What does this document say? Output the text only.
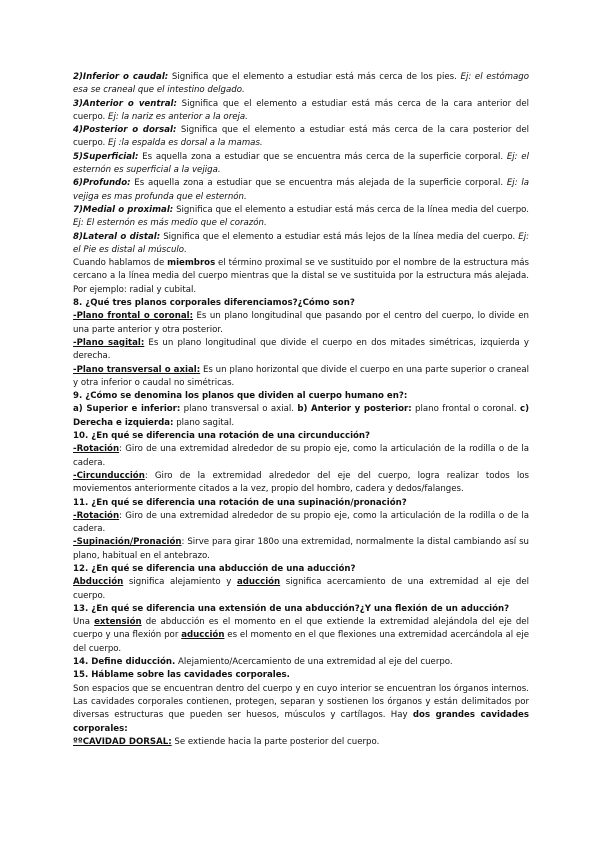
2)Inferior o caudal: Significa que el elemento a estudiar está más cerca de los pies. Ej: el estómago esa se craneal que el intestino delgado.

3)Anterior o ventral: Significa que el elemento a estudiar está más cerca de la cara anterior del cuerpo. Ej: la nariz es anterior a la oreja.

4)Posterior o dorsal: Significa que el elemento a estudiar está más cerca de la cara posterior del cuerpo. Ej :la espalda es dorsal a la mamas.

5)Superficial: Es aquella zona a estudiar que se encuentra más cerca de la superficie corporal. Ej: el esternón es superficial a la vejiga.

6)Profundo: Es aquella zona a estudiar que se encuentra más alejada de la superficie corporal. Ej: la vejiga es mas profunda que el esternón.

7)Medial o proximal: Significa que el elemento a estudiar está más cerca de la línea media del cuerpo. Ej: El esternón es más medio que el corazón.

8)Lateral o distal: Significa que el elemento a estudiar está más lejos de la línea media del cuerpo. Ej: el Pie es distal al músculo.

Cuando hablamos de miembros el término proximal se ve sustituido por el nombre de la estructura más cercano a la línea media del cuerpo mientras que la distal se ve sustituida por la estructura más alejada. Por ejemplo: radial y cubital.

8. ¿Qué tres planos corporales diferenciamos?¿Cómo son?

-Plano frontal o coronal: Es un plano longitudinal que pasando por el centro del cuerpo, lo divide en una parte anterior y otra posterior.

-Plano sagital: Es un plano longitudinal que divide el cuerpo en dos mitades simétricas, izquierda y derecha.

-Plano transversal o axial: Es un plano horizontal que divide el cuerpo en una parte superior o craneal y otra inferior o caudal no simétricas.

9. ¿Cómo se denomina los planos que dividen al cuerpo humano en?:

a) Superior e inferior: plano transversal o axial. b) Anterior y posterior: plano frontal o coronal. c) Derecha e izquierda: plano sagital.

10. ¿En qué se diferencia una rotación de una circunducción?

-Rotación: Giro de una extremidad alrededor de su propio eje, como la articulación de la rodilla o de la cadera.

-Circunducción: Giro de la extremidad alrededor del eje del cuerpo, logra realizar todos los moviementos anteriormente citados a la vez, propio del hombro, cadera y dedos/falanges.

11. ¿En qué se diferencia una rotación de una supinación/pronación?

-Rotación: Giro de una extremidad alrededor de su propio eje, como la articulación de la rodilla o de la cadera.

-Supinación/Pronación: Sirve para girar 180o una extremidad, normalmente la distal cambiando así su plano, habitual en el antebrazo.

12. ¿En qué se diferencia una abducción de una aducción?

Abducción significa alejamiento y aducción significa acercamiento de una extremidad al eje del cuerpo.

13. ¿En qué se diferencia una extensión de una abducción?¿Y una flexión de un aducción?

Una extensión de abducción es el momento en el que extiende la extremidad alejándola del eje del cuerpo y una flexión por aducción es el momento en el que flexiones una extremidad acercándola al eje del cuerpo.

14. Define diducción. Alejamiento/Acercamiento de una extremidad al eje del cuerpo.

15. Háblame sobre las cavidades corporales.

Son espacios que se encuentran dentro del cuerpo y en cuyo interior se encuentran los órganos internos. Las cavidades corporales contienen, protegen, separan y sostienen los órganos y están delimitados por diversas estructuras que pueden ser huesos, músculos y cartílagos. Hay dos grandes cavidades corporales:

ººCAVIDAD DORSAL: Se extiende hacia la parte posterior del cuerpo.
